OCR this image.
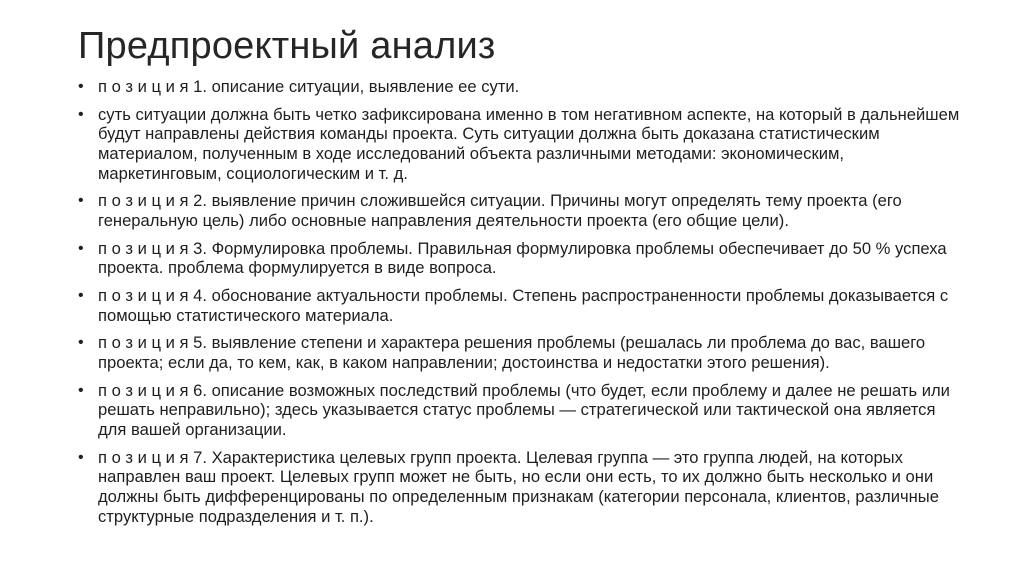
Предпроектный анализ
• п о з и ц и я 1. описание ситуации, выявление ее сути.
• суть ситуации должна быть четко зафиксирована именно в том негативном аспекте, на который в дальнейшем будут направлены действия команды проекта. Суть ситуации должна быть доказана статистическим материалом, полученным в ходе исследований объекта различными методами: экономическим, маркетинговым, социологическим и т. д.
• п о з и ц и я 2. выявление причин сложившейся ситуации. Причины могут определять тему проекта (его генеральную цель) либо основные направления деятельности проекта (его общие цели).
• п о з и ц и я 3. Формулировка проблемы. Правильная формулировка проблемы обеспечивает до 50 % успеха проекта. проблема формулируется в виде вопроса.
• п о з и ц и я 4. обоснование актуальности проблемы. Степень распространенности проблемы доказывается с помощью статистического материала.
• п о з и ц и я 5. выявление степени и характера решения проблемы (решалась ли проблема до вас, вашего проекта; если да, то кем, как, в каком направлении; достоинства и недостатки этого решения).
• п о з и ц и я 6. описание возможных последствий проблемы (что будет, если проблему и далее не решать или решать неправильно); здесь указывается статус проблемы — стратегической или тактической она является для вашей организации.
• п о з и ц и я 7. Характеристика целевых групп проекта. Целевая группа — это группа людей, на которых направлен ваш проект. Целевых групп может не быть, но если они есть, то их должно быть несколько и они должны быть дифференцированы по определенным признакам (категории персонала, клиентов, различные структурные подразделения и т. п.).
